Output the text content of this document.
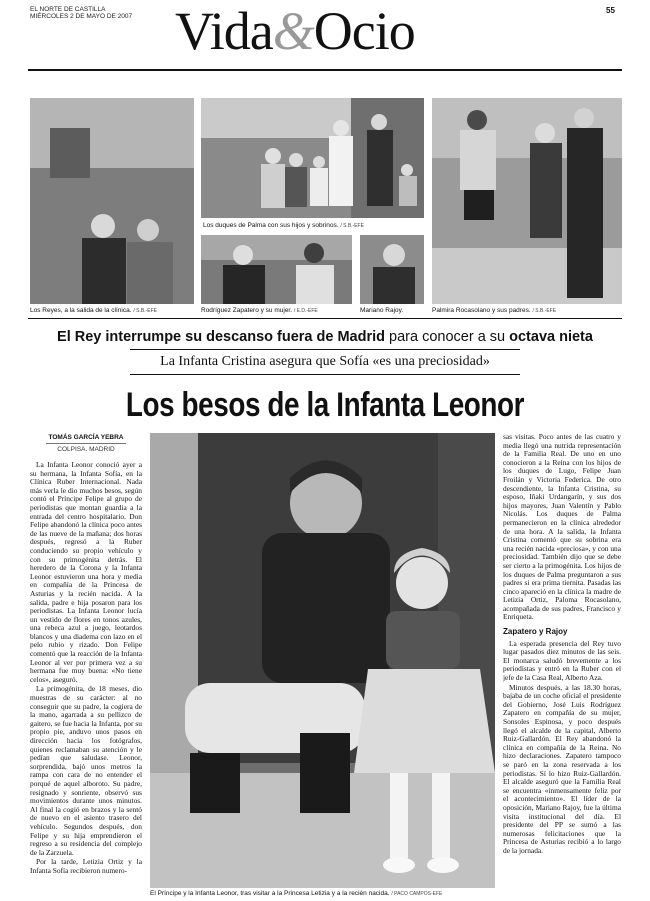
EL NORTE DE CASTILLA
MIÉRCOLES 2 DE MAYO DE 2007 Vida&Ocio	55
Los Reyes, a la salida de la clínica. / S.B.-EFE
Los duques de Palma con sus hijos y sobrinos. / S.B.-EFE
Palmira Rocasolano y sus padres. / S.B.-EFE
Rodríguez Zapatero y su mujer. / E.D.-EFE	Mariano Rajoy.
El Rey interrumpe su descanso fuera de Madrid para conocer a su octava nieta
La Infanta Cristina asegura que Sofía «es una preciosidad»
Los besos de la Infanta Leonor
TOMÁS GARCÍA YEBRA
COLPISA. MADRID

La Infanta Leonor conoció ayer a su hermana, la Infanta Sofía, en la Clínica Ruber Internacional. Nada más verla le dio muchos besos, según contó el Príncipe Felipe al grupo de periodistas que montan guardia a la entrada del centro hospitalario. Don Felipe abandonó la clínica poco antes de las nueve de la mañana; dos horas después, regresó a la Ruber conduciendo su propio vehículo y con su primogénita detrás. El heredero de la Corona y la Infanta Leonor estuvieron una hora y media en compañía de la Princesa de Asturias y la recién nacida. A la salida, padre e hija posaron para los periodistas. La Infanta Leonor lucía un vestido de flores en tonos azules, una rebeca azul a juego, leotardos blancos y una diadema con lazo en el pelo rubio y rizado. Don Felipe comentó que la reacción de la Infanta Leonor al ver por primera vez a su hermana fue muy buena: «No tiene celos», aseguró.

La primogénita, de 18 meses, dio muestras de su carácter: al no conseguir que su padre, la cogiera de la mano, agarrada a su pellizco de gaitero, se fue hacia la Infanta, por su propio pie, anduvo unos pasos en dirección hacia los fotógrafos, quienes reclamaban su atención y le pedían que saludase. Leonor, sorprendida, bajó unos metros la rampa con cara de no entender el porqué de aquel alboroto. Su padre, resignado y sonriente, observó sus movimientos durante unos minutos. Al final la cogió en brazos y la sentó de nuevo en el asiento trasero del vehículo. Segundos después, don Felipe y su hija emprendieron el regreso a su residencia del complejo de la Zarzuela.

Por la tarde, Letizia Ortiz y la Infanta Sofía recibieron numero-

El Príncipe y la Infanta Leonor, tras visitar a la Princesa Letizia y a la recién nacida. / PACO CAMPOS-EFE

sas visitas. Poco antes de las cuatro y media llegó una nutrida representación de la Familia Real. De uno en uno conocieron a la Reina con los hijos de los duques de Lugo, Felipe Juan Froilán y Victoria Federica. De otro descendiente, la Infanta Cristina, su esposo, Iñaki Urdangarín, y sus dos hijos mayores, Juan Valentín y Pablo Nicolás. Los duques de Palma permanecieron en la clínica alrededor de una hora. A la salida, la Infanta Cristina comentó que su sobrina era una recién nacida «preciosa», y con una preciosidad. También dijo que se debe ser cierto a la primogénita. Los hijos de los duques de Palma preguntaron a sus padres si era prima tiernita. Pasadas las cinco apareció en la clínica la madre de Letizia Ortiz, Paloma Rocasolano, acompañada de sus padres, Francisco y Enriqueta.

Zapatero y Rajoy

La esperada presencia del Rey tuvo lugar pasados diez minutos de las seis. El monarca saludó brevemente a los periodistas y entró en la Ruber con el jefe de la Casa Real, Alberto Aza.

Minutos después, a las 18.30 horas, bajaba de un coche oficial el presidente del Gobierno, José Luis Rodríguez Zapatero en compañía de su mujer, Sonsoles Espinosa, y poco después llegó el alcalde de la capital, Alberto Ruiz-Gallardón. El Rey abandonó la clínica en compañía de la Reina. No hizo declaraciones. Zapatero tampoco se paró en la zona reservada a los periodistas. Sí lo hizo Ruiz-Gallardón. El alcalde aseguró que la Familia Real se encuentra «inmensamente feliz por el acontecimiento». El líder de la oposición, Mariano Rajoy, fue la última visita institucional del día. El presidente del PP se sumó a las numerosas felicitaciones que la Princesa de Asturias recibió a lo largo de la jornada.
